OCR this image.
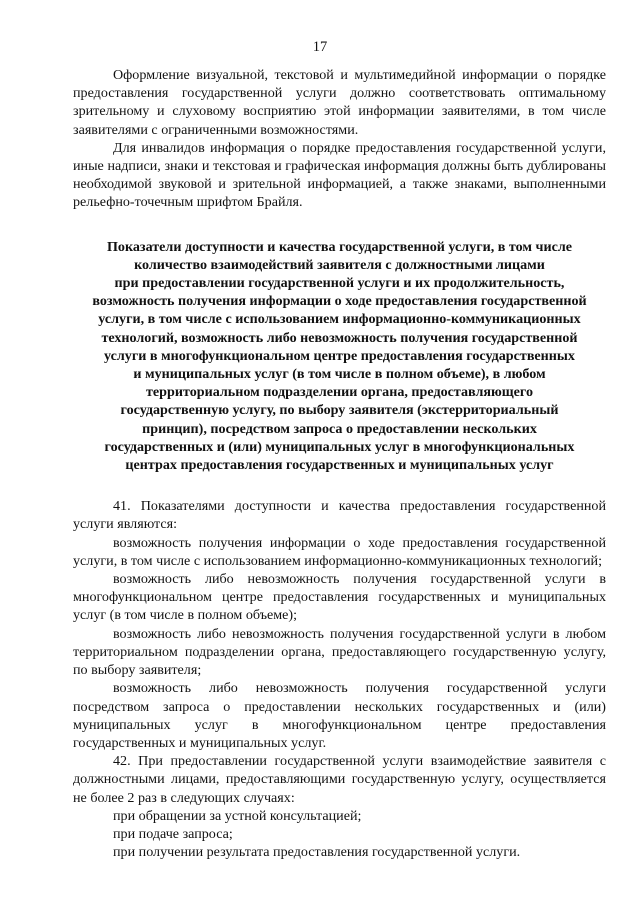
17

Оформление визуальной, текстовой и мультимедийной информации о порядке предоставления государственной услуги должно соответствовать оптимальному зрительному и слуховому восприятию этой информации заявителями, в том числе заявителями с ограниченными возможностями.

Для инвалидов информация о порядке предоставления государственной услуги, иные надписи, знаки и текстовая и графическая информация должны быть дублированы необходимой звуковой и зрительной информацией, а также знаками, выполненными рельефно-точечным шрифтом Брайля.

Показатели доступности и качества государственной услуги, в том числе
количество взаимодействий заявителя с должностными лицами
при предоставлении государственной услуги и их продолжительность,
возможность получения информации о ходе предоставления государственной
услуги, в том числе с использованием информационно-коммуникационных
технологий, возможность либо невозможность получения государственной
услуги в многофункциональном центре предоставления государственных
и муниципальных услуг (в том числе в полном объеме), в любом
территориальном подразделении органа, предоставляющего
государственную услугу, по выбору заявителя (экстерриториальный
принцип), посредством запроса о предоставлении нескольких
государственных и (или) муниципальных услуг в многофункциональных
центрах предоставления государственных и муниципальных услуг

41. Показателями доступности и качества предоставления государственной услуги являются:

возможность получения информации о ходе предоставления государственной услуги, в том числе с использованием информационно-коммуникационных технологий;

возможность либо невозможность получения государственной услуги в многофункциональном центре предоставления государственных и муниципальных услуг (в том числе в полном объеме);

возможность либо невозможность получения государственной услуги в любом территориальном подразделении органа, предоставляющего государственную услугу, по выбору заявителя;

возможность либо невозможность получения государственной услуги посредством запроса о предоставлении нескольких государственных и (или) муниципальных услуг в многофункциональном центре предоставления государственных и муниципальных услуг.

42. При предоставлении государственной услуги взаимодействие заявителя с должностными лицами, предоставляющими государственную услугу, осуществляется не более 2 раз в следующих случаях:

при обращении за устной консультацией;

при подаче запроса;

при получении результата предоставления государственной услуги.
